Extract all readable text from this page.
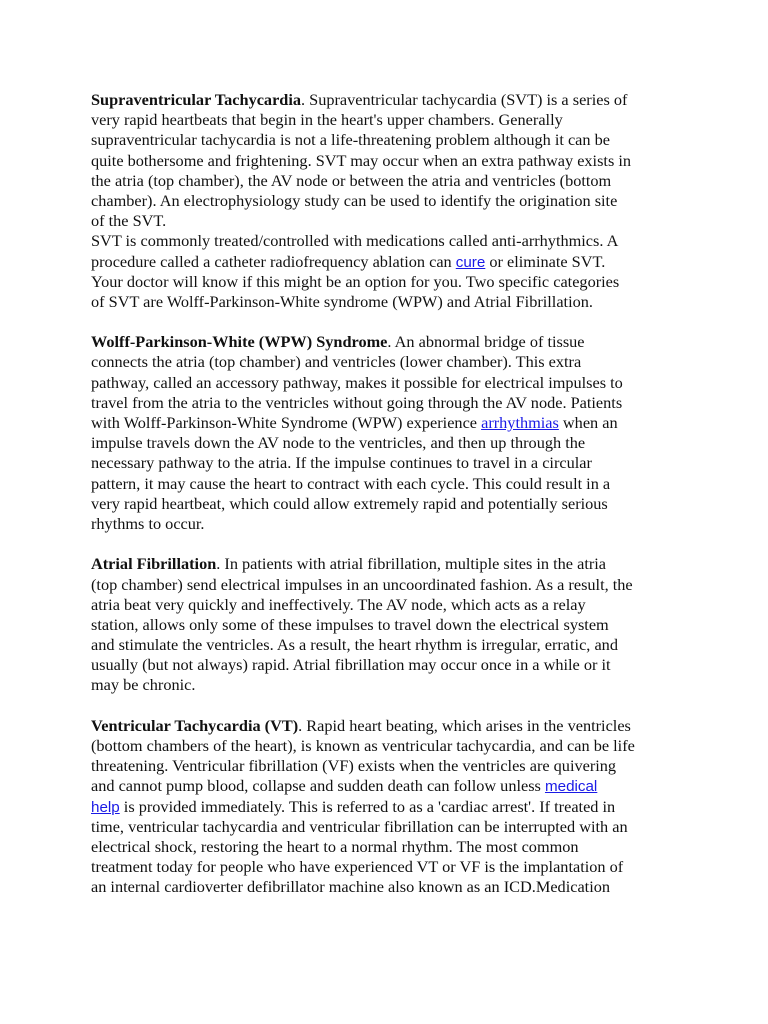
Supraventricular Tachycardia. Supraventricular tachycardia (SVT) is a series of
very rapid heartbeats that begin in the heart's upper chambers. Generally
supraventricular tachycardia is not a life-threatening problem although it can be
quite bothersome and frightening. SVT may occur when an extra pathway exists in
the atria (top chamber), the AV node or between the atria and ventricles (bottom
chamber). An electrophysiology study can be used to identify the origination site
of the SVT.
SVT is commonly treated/controlled with medications called anti-arrhythmics. A
procedure called a catheter radiofrequency ablation can cure or eliminate SVT.
Your doctor will know if this might be an option for you. Two specific categories
of SVT are Wolff-Parkinson-White syndrome (WPW) and Atrial Fibrillation.
Wolff-Parkinson-White (WPW) Syndrome. An abnormal bridge of tissue
connects the atria (top chamber) and ventricles (lower chamber). This extra
pathway, called an accessory pathway, makes it possible for electrical impulses to
travel from the atria to the ventricles without going through the AV node. Patients
with Wolff-Parkinson-White Syndrome (WPW) experience arrhythmias when an
impulse travels down the AV node to the ventricles, and then up through the
necessary pathway to the atria. If the impulse continues to travel in a circular
pattern, it may cause the heart to contract with each cycle. This could result in a
very rapid heartbeat, which could allow extremely rapid and potentially serious
rhythms to occur.
Atrial Fibrillation. In patients with atrial fibrillation, multiple sites in the atria
(top chamber) send electrical impulses in an uncoordinated fashion. As a result, the
atria beat very quickly and ineffectively. The AV node, which acts as a relay
station, allows only some of these impulses to travel down the electrical system
and stimulate the ventricles. As a result, the heart rhythm is irregular, erratic, and
usually (but not always) rapid. Atrial fibrillation may occur once in a while or it
may be chronic.
Ventricular Tachycardia (VT). Rapid heart beating, which arises in the ventricles
(bottom chambers of the heart), is known as ventricular tachycardia, and can be life
threatening. Ventricular fibrillation (VF) exists when the ventricles are quivering
and cannot pump blood, collapse and sudden death can follow unless medical
help is provided immediately. This is referred to as a 'cardiac arrest'. If treated in
time, ventricular tachycardia and ventricular fibrillation can be interrupted with an
electrical shock, restoring the heart to a normal rhythm. The most common
treatment today for people who have experienced VT or VF is the implantation of
an internal cardioverter defibrillator machine also known as an ICD.Medication
